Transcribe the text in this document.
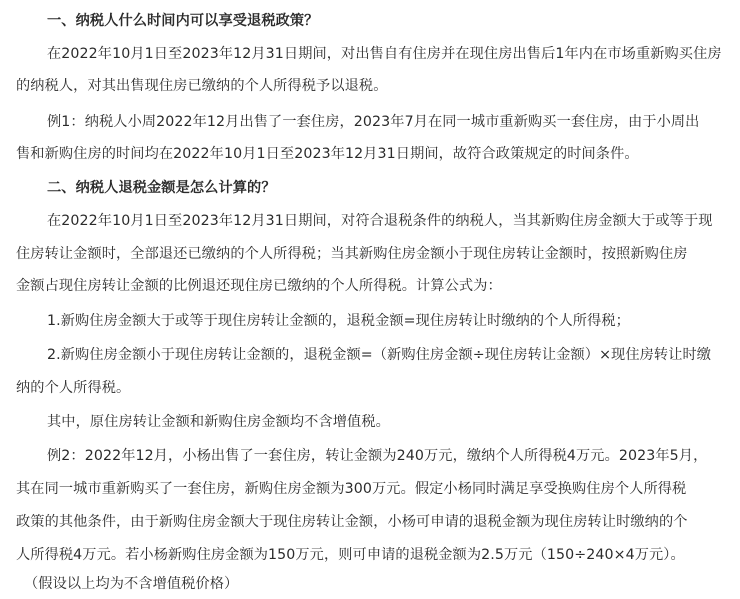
一、纳税人什么时间内可以享受退税政策？
在2022年10月1日至2023年12月31日期间，对出售自有住房并在现住房出售后1年内在市场重新购买住房
的纳税人，对其出售现住房已缴纳的个人所得税予以退税。
例1：纳税人小周2022年12月出售了一套住房，2023年7月在同一城市重新购买一套住房，由于小周出
售和新购住房的时间均在2022年10月1日至2023年12月31日期间，故符合政策规定的时间条件。
二、纳税人退税金额是怎么计算的？
在2022年10月1日至2023年12月31日期间，对符合退税条件的纳税人，当其新购住房金额大于或等于现
住房转让金额时，全部退还已缴纳的个人所得税；当其新购住房金额小于现住房转让金额时，按照新购住房
金额占现住房转让金额的比例退还现住房已缴纳的个人所得税。计算公式为：
1.新购住房金额大于或等于现住房转让金额的，退税金额=现住房转让时缴纳的个人所得税；
2.新购住房金额小于现住房转让金额的，退税金额=（新购住房金额÷现住房转让金额）×现住房转让时缴
纳的个人所得税。
其中，原住房转让金额和新购住房金额均不含增值税。
例2：2022年12月，小杨出售了一套住房，转让金额为240万元，缴纳个人所得税4万元。2023年5月，
其在同一城市重新购买了一套住房，新购住房金额为300万元。假定小杨同时满足享受换购住房个人所得税
政策的其他条件，由于新购住房金额大于现住房转让金额，小杨可申请的退税金额为现住房转让时缴纳的个
人所得税4万元。若小杨新购住房金额为150万元，则可申请的退税金额为2.5万元（150÷240×4万元）。
（假设以上均为不含增值税价格）
